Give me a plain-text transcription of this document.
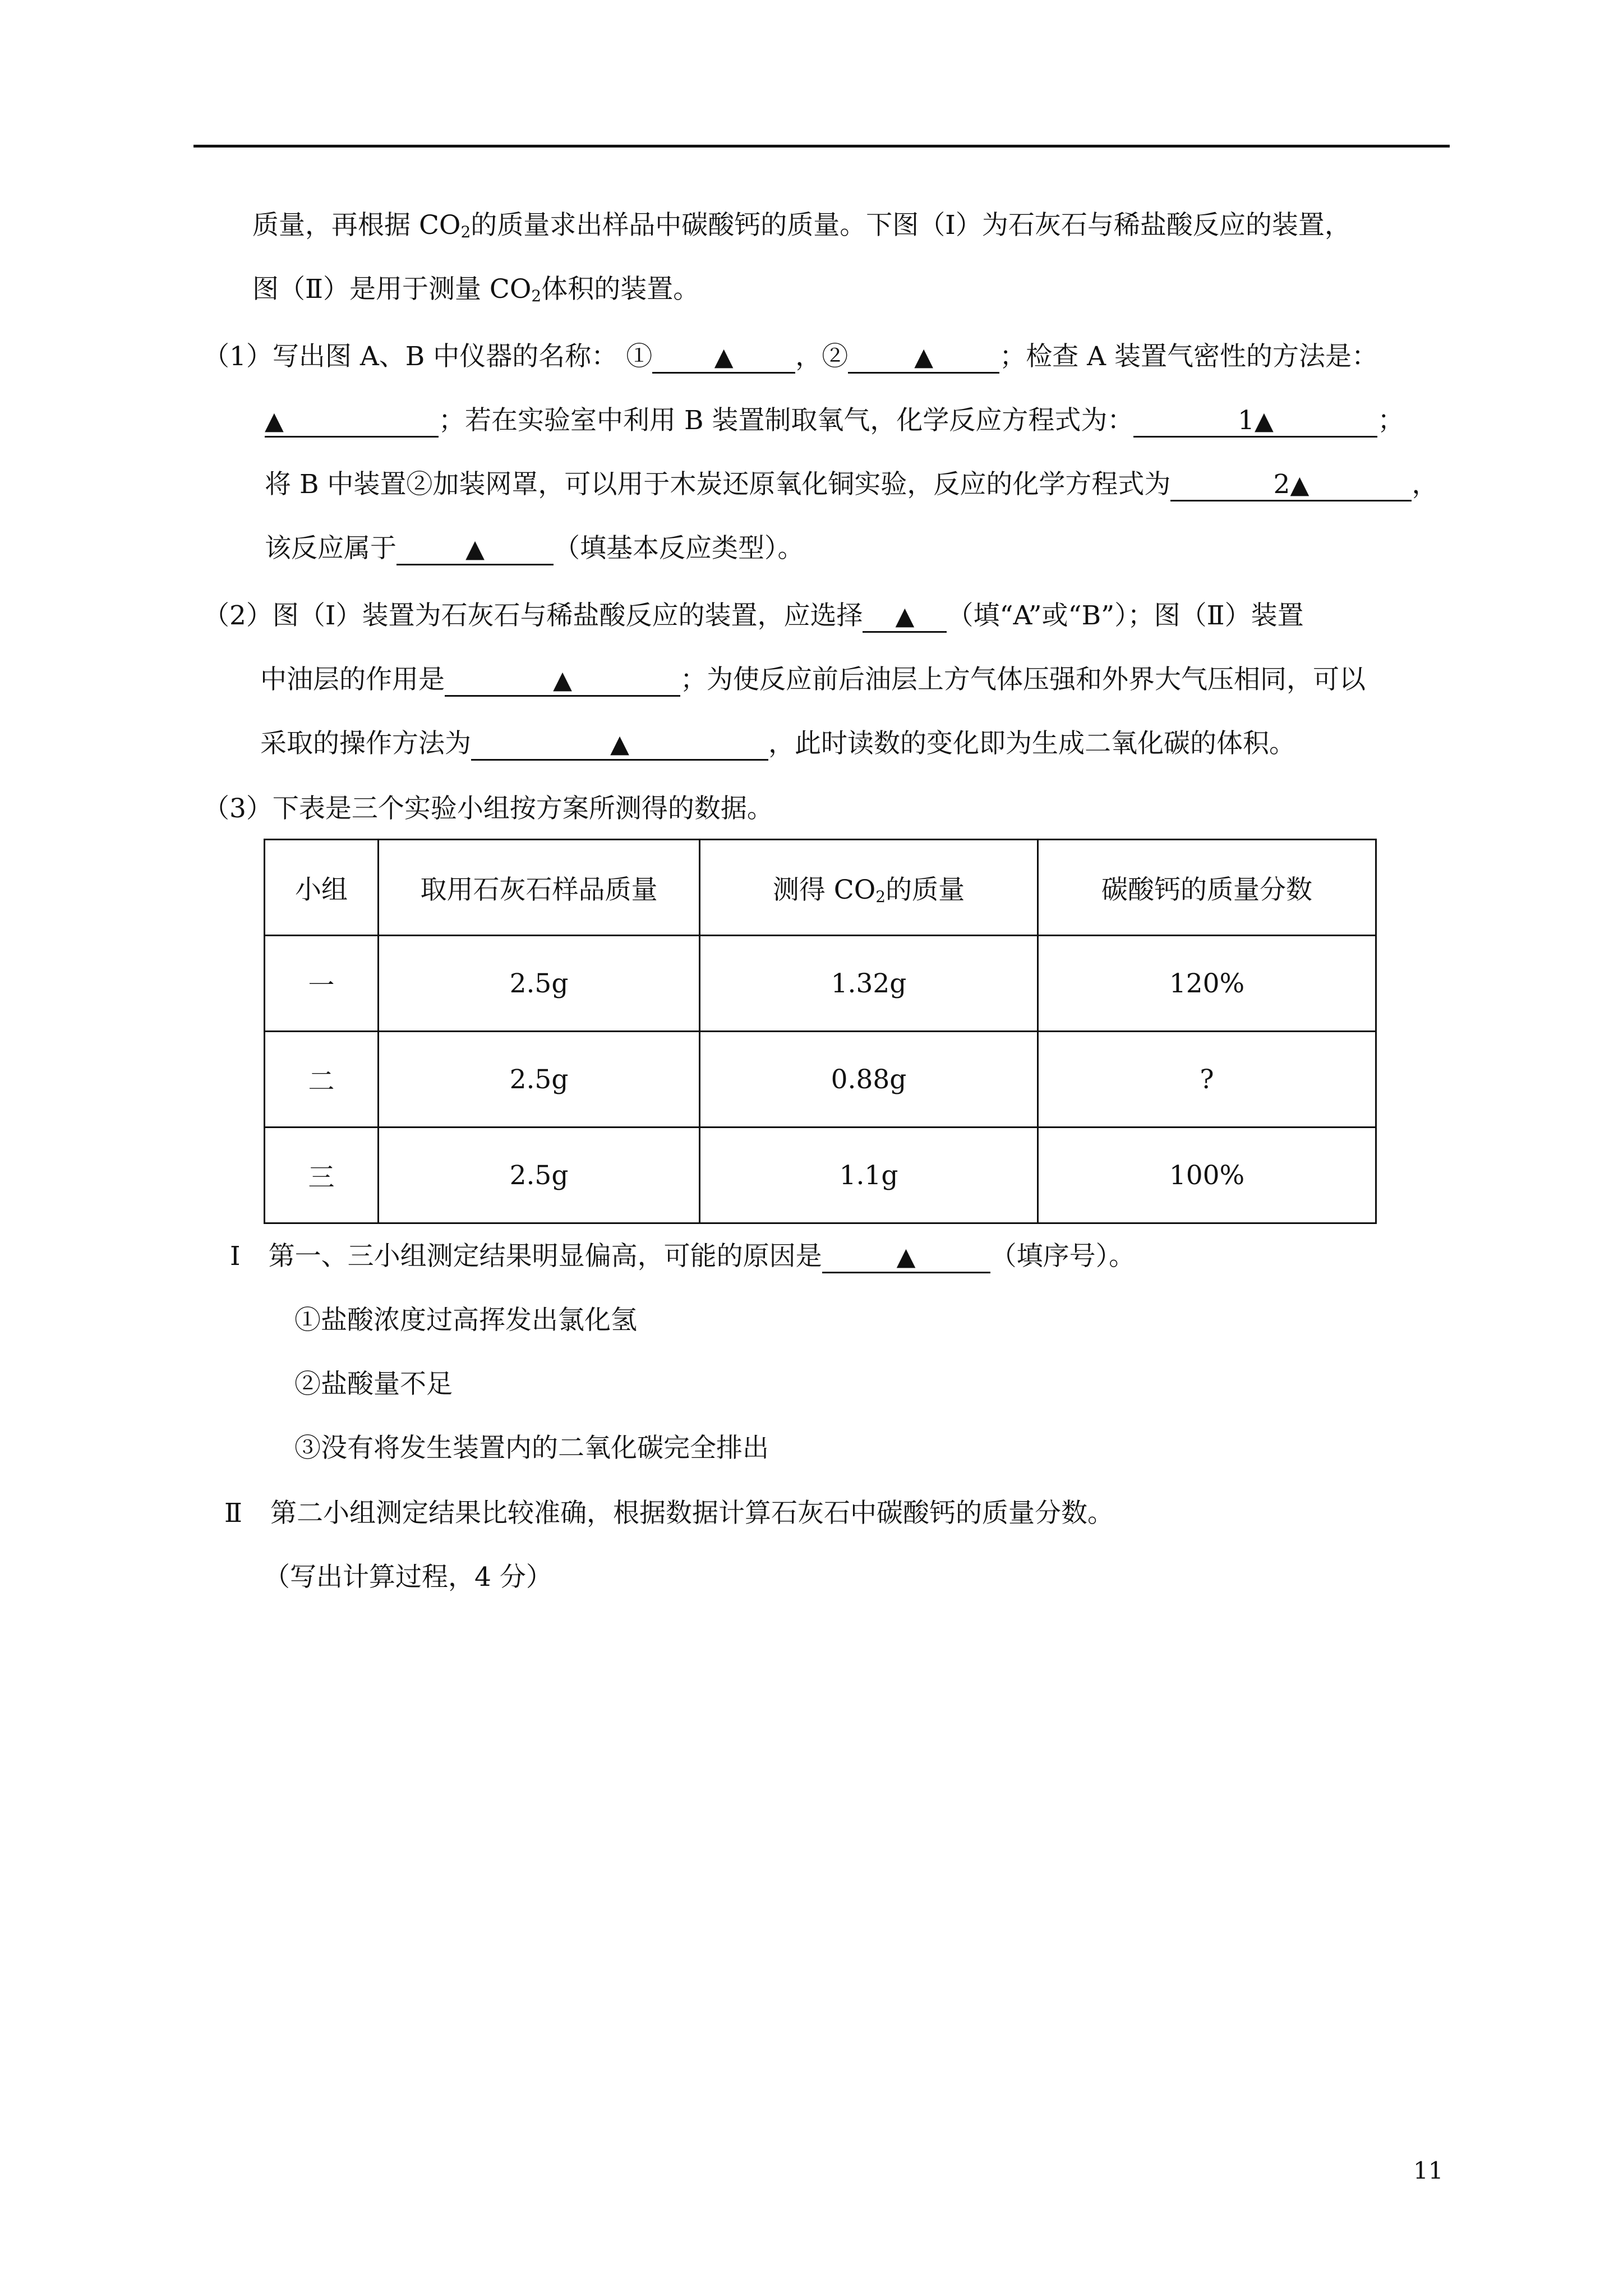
质量，再根据 $CO_2$的质量求出样品中碳酸钙的质量。下图（Ⅰ）为石灰石与稀盐酸反应的装置，
图（Ⅱ）是用于测量 $CO_2$体积的装置。
（1）写出图 A、B 中仪器的名称： ①	▲ ，②	▲	；检查 A 装置气密性的方法是：
▲	；若在实验室中利用 B 装置制取氧气，化学反应方程式为：	1▲	；
将 B 中装置②加装网罩，可以用于木炭还原氧化铜实验，反应的化学方程式为	2▲	，
该反应属于	▲	（填基本反应类型）。
（2）图（I）装置为石灰石与稀盐酸反应的装置，应选择 ▲ （填“A”或“B”）；图（Ⅱ）装置
中油层的作用是	▲	；为使反应前后油层上方气体压强和外界大气压相同，可以
采取的操作方法为	▲	，此时读数的变化即为生成二氧化碳的体积。
（3）下表是三个实验小组按方案所测得的数据。
小组	取用石灰石样品质量	测得 $CO_2$的质量	碳酸钙的质量分数
一	2.5g	1.32g	120%
二	2.5g	0.88g	?
三	2.5g	1.1g	100%
Ⅰ 第一、三小组测定结果明显偏高，可能的原因是	▲	（填序号）。
①盐酸浓度过高挥发出氯化氢
②盐酸量不足
③没有将发生装置内的二氧化碳完全排出
Ⅱ 第二小组测定结果比较准确，根据数据计算石灰石中碳酸钙的质量分数。
（写出计算过程，4 分）
11
